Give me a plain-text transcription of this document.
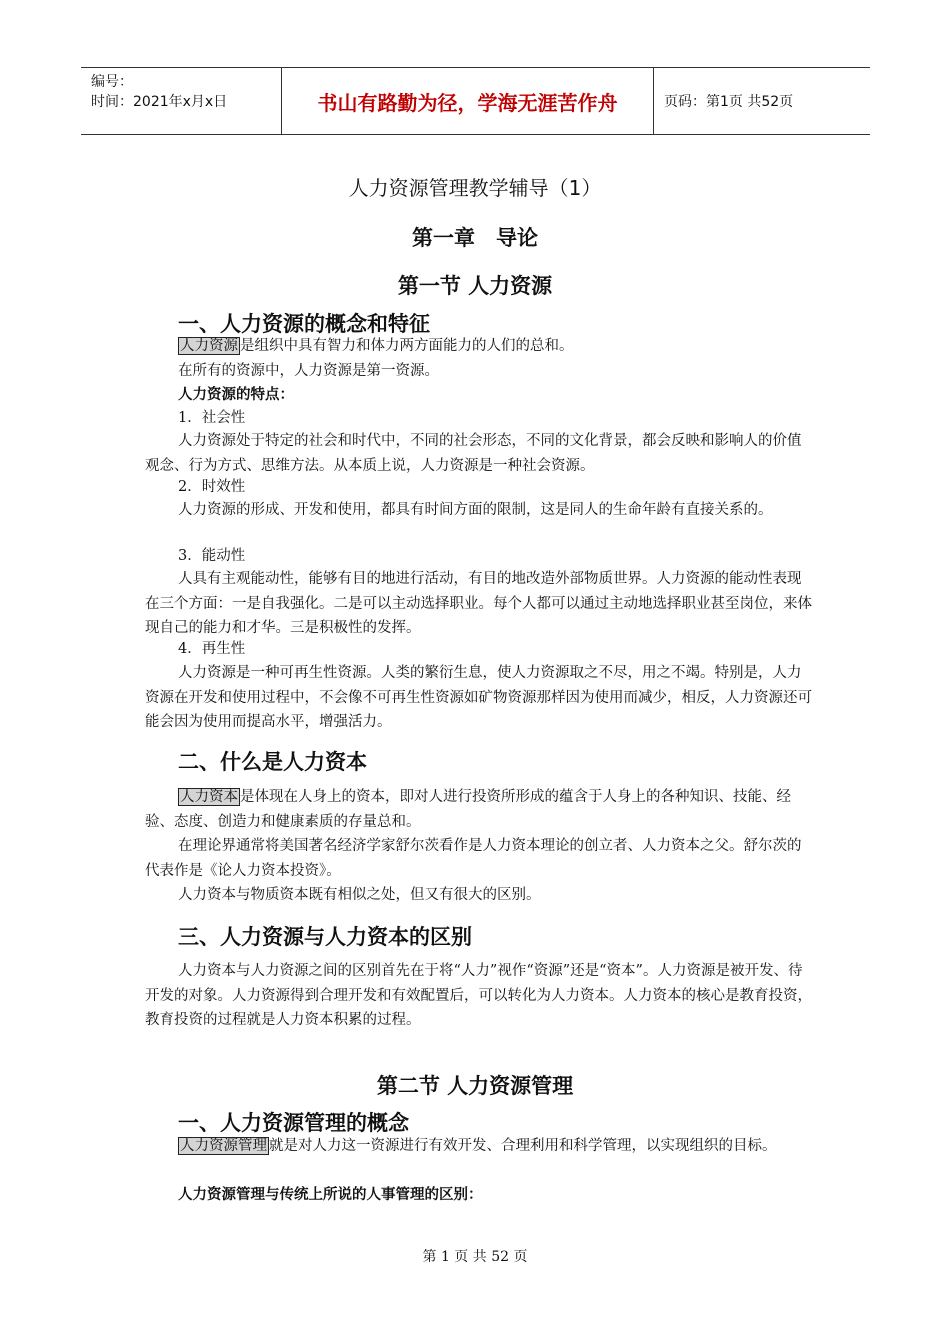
编号：
时间：2021年x月x日	书山有路勤为径，学海无涯苦作舟	页码：第1页 共52页
人力资源管理教学辅导（1）
第一章　导论
第一节 人力资源
一、人力资源的概念和特征
人力资源 是组织中具有智力和体力两方面能力的人们的总和。
在所有的资源中，人力资源是第一资源。
人力资源的特点：
1．社会性
人力资源处于特定的社会和时代中，不同的社会形态，不同的文化背景，都会反映和影响人的价值观念、行为方式、思维方法。从本质上说，人力资源是一种社会资源。
2．时效性
人力资源的形成、开发和使用，都具有时间方面的限制，这是同人的生命年龄有直接关系的。
3．能动性
人具有主观能动性，能够有目的地进行活动，有目的地改造外部物质世界。人力资源的能动性表现在三个方面：一是自我强化。二是可以主动选择职业。每个人都可以通过主动地选择职业甚至岗位，来体现自己的能力和才华。三是积极性的发挥。
4．再生性
人力资源是一种可再生性资源。人类的繁衍生息，使人力资源取之不尽，用之不竭。特别是，人力资源在开发和使用过程中，不会像不可再生性资源如矿物资源那样因为使用而减少，相反，人力资源还可能会因为使用而提高水平，增强活力。
二、什么是人力资本
人力资本 是体现在人身上的资本，即对人进行投资所形成的蕴含于人身上的各种知识、技能、经验、态度、创造力和健康素质的存量总和。
在理论界通常将美国著名经济学家舒尔茨看作是人力资本理论的创立者、人力资本之父。舒尔茨的代表作是《论人力资本投资》。
人力资本与物质资本既有相似之处，但又有很大的区别。
三、人力资源与人力资本的区别
人力资本与人力资源之间的区别首先在于将“人力”视作“资源”还是“资本”。人力资源是被开发、待开发的对象。人力资源得到合理开发和有效配置后，可以转化为人力资本。人力资本的核心是教育投资，教育投资的过程就是人力资本积累的过程。
第二节 人力资源管理
一、人力资源管理的概念
人力资源管理 就是对人力这一资源进行有效开发、合理利用和科学管理，以实现组织的目标。
人力资源管理与传统上所说的人事管理的区别：
第 1 页 共 52 页
